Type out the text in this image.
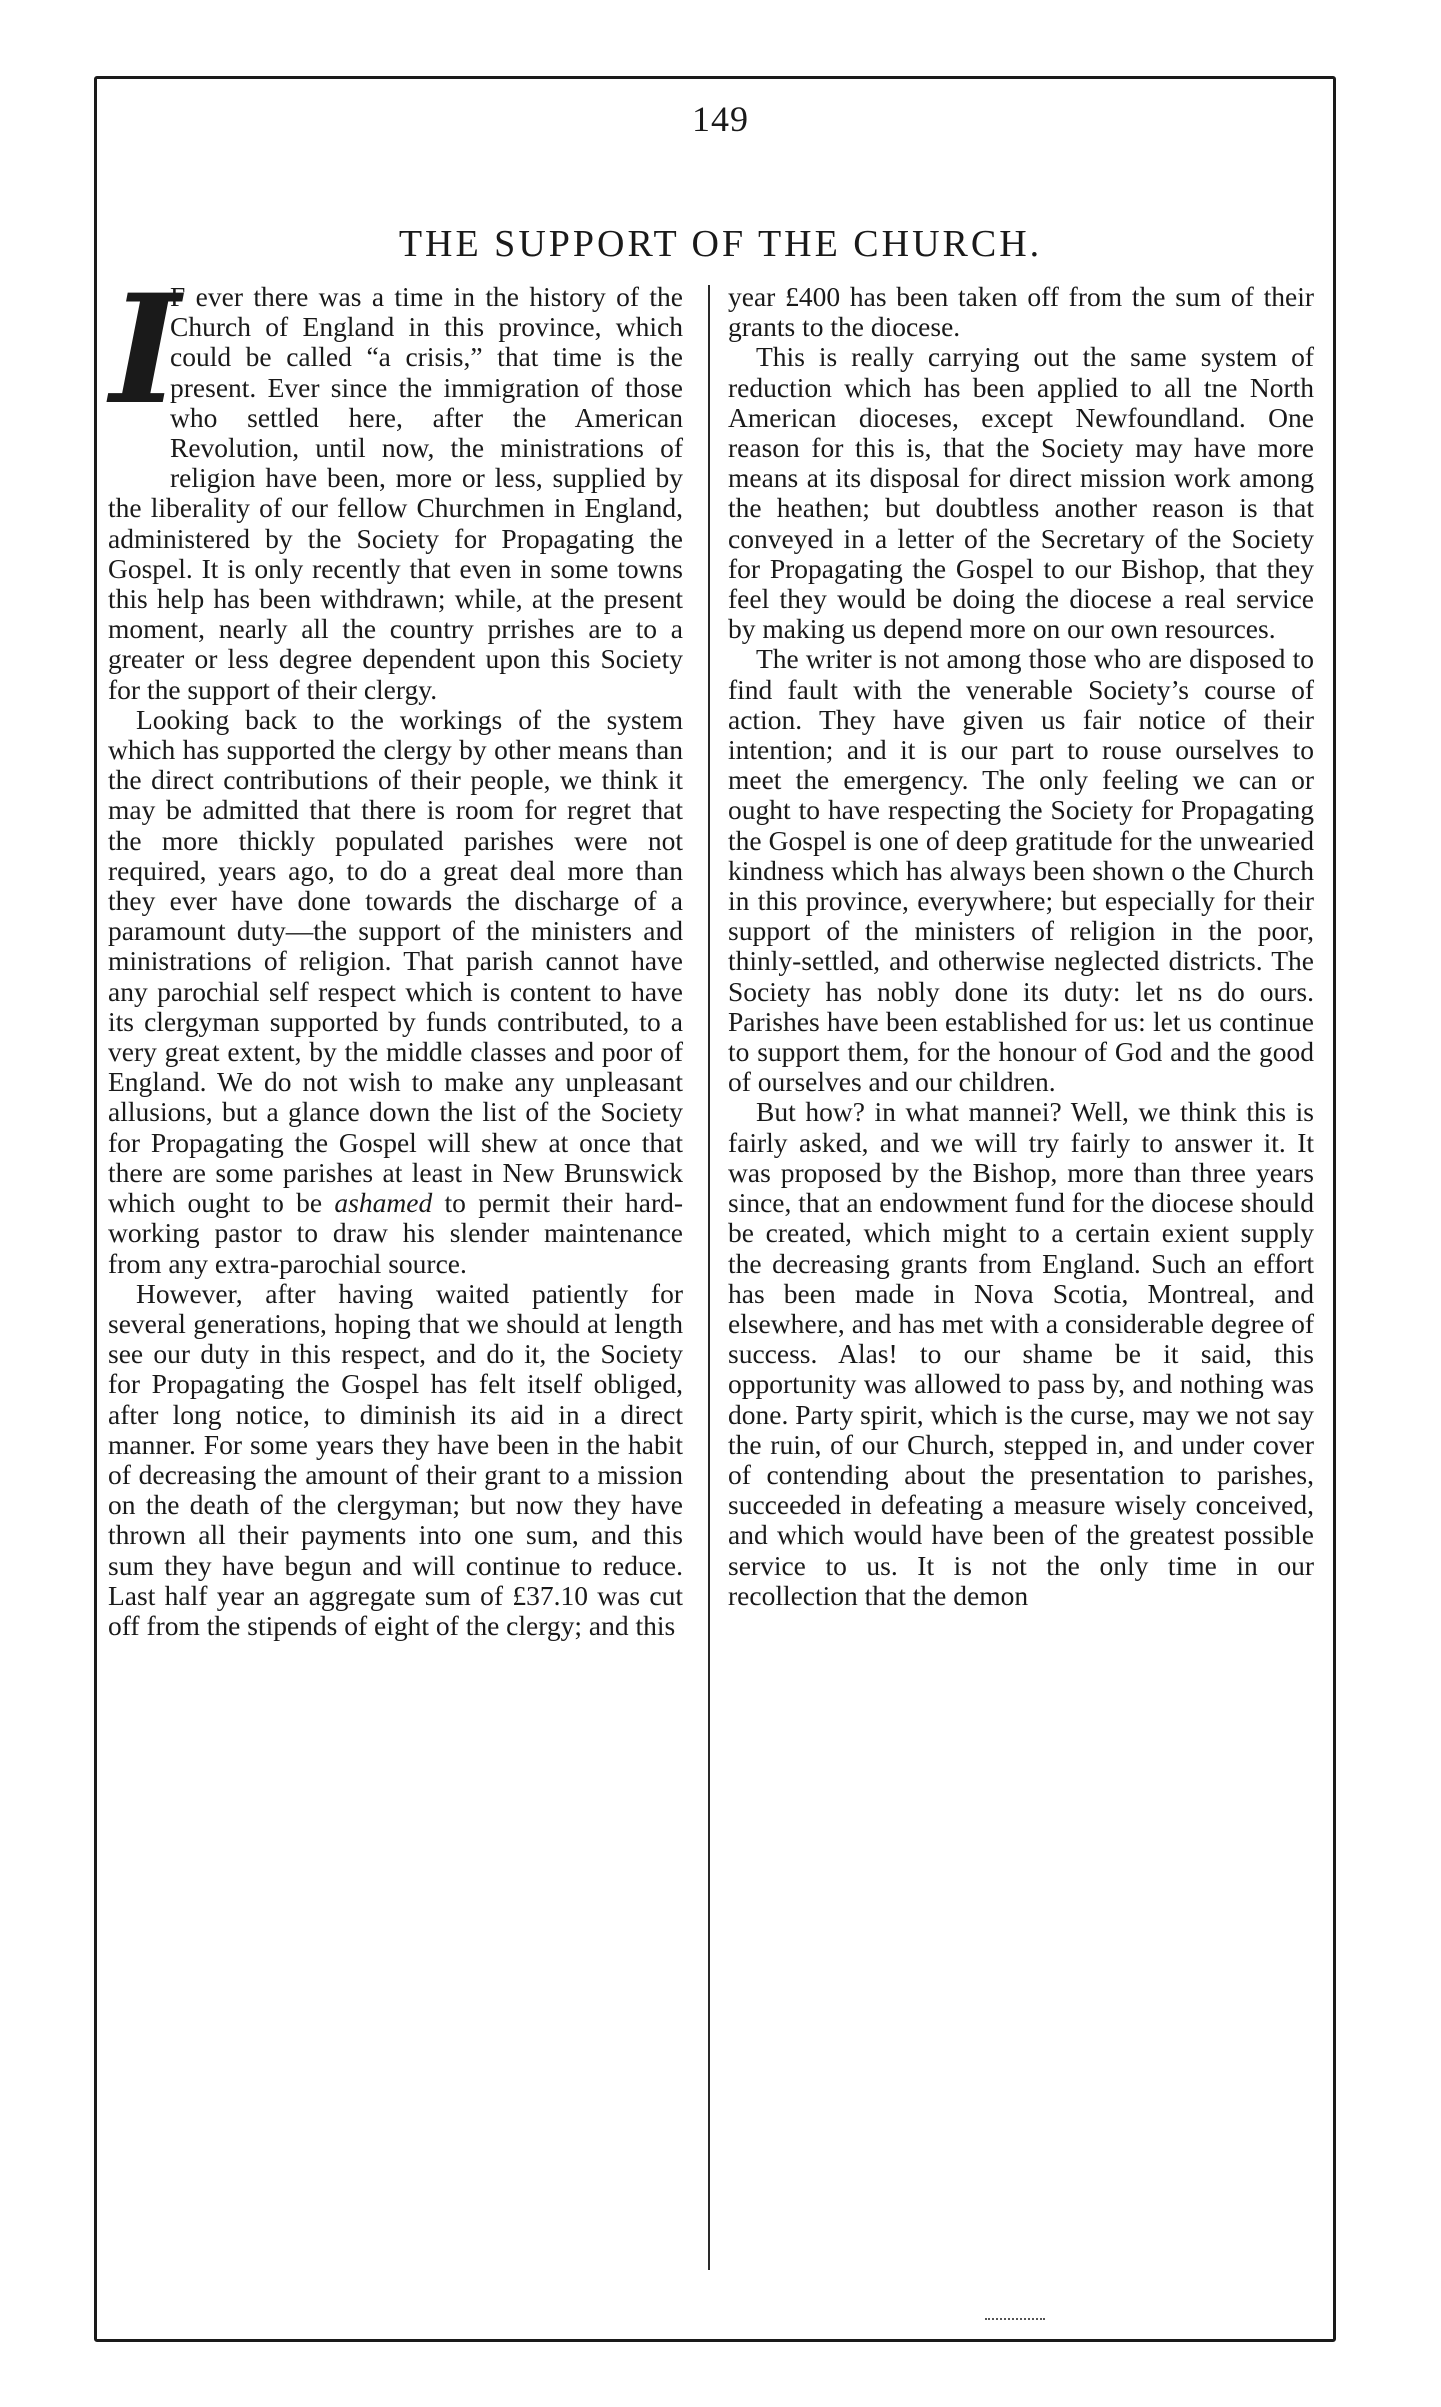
149
THE SUPPORT OF THE CHURCH.

I
F ever there was a time in the history of the Church of England in this province, which could be called “a crisis,” that time is the present. Ever since the immigration of those who settled here, after the American Revolution, until now, the ministrations of religion have been, more or less, supplied by the liberality of our fellow Churchmen in England, administered by the Society for Propagating the Gospel. It is only recently that even in some towns this help has been withdrawn; while, at the present moment, nearly all the country prrishes are to a greater or less degree dependent upon this Society for the support of their clergy.

Looking back to the workings of the system which has supported the clergy by other means than the direct contributions of their people, we think it may be admitted that there is room for regret that the more thickly populated parishes were not required, years ago, to do a great deal more than they ever have done towards the discharge of a paramount duty—the support of the ministers and ministrations of religion. That parish cannot have any parochial self respect which is content to have its clergyman supported by funds contributed, to a very great extent, by the middle classes and poor of England. We do not wish to make any unpleasant allusions, but a glance down the list of the Society for Propagating the Gospel will shew at once that there are some parishes at least in New Brunswick which ought to be ashamed to permit their hard-working pastor to draw his slender maintenance from any extra-parochial source.

However, after having waited patiently for several generations, hoping that we should at length see our duty in this respect, and do it, the Society for Propagating the Gospel has felt itself obliged, after long notice, to diminish its aid in a direct manner. For some years they have been in the habit of decreasing the amount of their grant to a mission on the death of the clergyman; but now they have thrown all their payments into one sum, and this sum they have begun and will continue to reduce. Last half year an aggregate sum of £37.10 was cut off from the stipends of eight of the clergy; and this

year £400 has been taken off from the sum of their grants to the diocese.

This is really carrying out the same system of reduction which has been applied to all tne North American dioceses, except Newfoundland. One reason for this is, that the Society may have more means at its disposal for direct mission work among the heathen; but doubtless another reason is that conveyed in a letter of the Secretary of the Society for Propagating the Gospel to our Bishop, that they feel they would be doing the diocese a real service by making us depend more on our own resources.

The writer is not among those who are disposed to find fault with the venerable Society’s course of action. They have given us fair notice of their intention; and it is our part to rouse ourselves to meet the emergency. The only feeling we can or ought to have respecting the Society for Propagating the Gospel is one of deep gratitude for the unwearied kindness which has always been shown o the Church in this province, everywhere; but especially for their support of the ministers of religion in the poor, thinly-settled, and otherwise neglected districts. The Society has nobly done its duty: let ns do ours. Parishes have been established for us: let us continue to support them, for the honour of God and the good of ourselves and our children.

But how? in what mannei? Well, we think this is fairly asked, and we will try fairly to answer it. It was proposed by the Bishop, more than three years since, that an endowment fund for the diocese should be created, which might to a certain exient supply the decreasing grants from England. Such an effort has been made in Nova Scotia, Montreal, and elsewhere, and has met with a considerable degree of success. Alas! to our shame be it said, this opportunity was allowed to pass by, and nothing was done. Party spirit, which is the curse, may we not say the ruin, of our Church, stepped in, and under cover of contending about the presentation to parishes, succeeded in defeating a measure wisely conceived, and which would have been of the greatest possible service to us. It is not the only time in our recollection that the demon
